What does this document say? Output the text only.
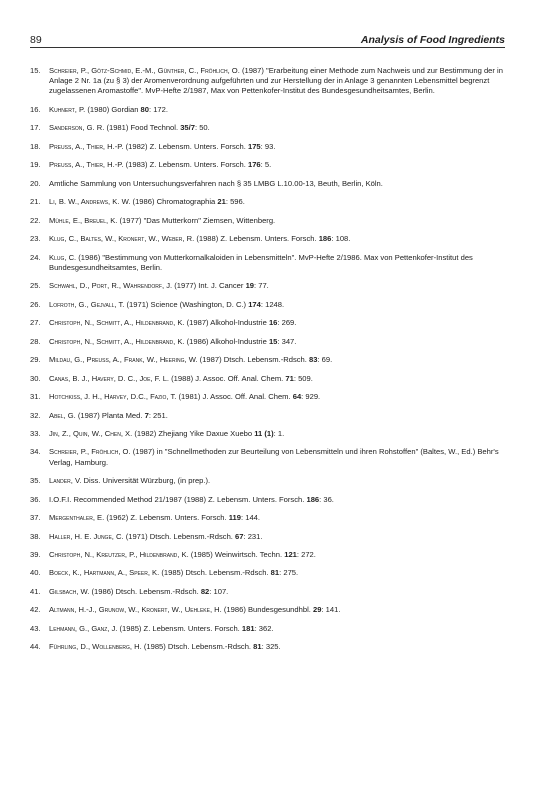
89	Analysis of Food Ingredients
15.	Schreier, P., Götz-Schmid, E.-M., Günther, C., Fröhlich, O. (1987) "Erarbeitung einer Methode zum Nachweis und zur Bestimmung der in Anlage 2 Nr. 1a (zu § 3) der Aromenverordnung aufgeführten und zur Herstellung der in Anlage 3 genannten Lebensmittel begrenzt zugelassenen Aromastoffe". MvP-Hefte 2/1987, Max von Pettenkofer-Institut des Bundesgesundheitsamtes, Berlin.
16.	Kuhnert, P. (1980) Gordian 80: 172.
17.	Sanderson, G. R. (1981) Food Technol. 35/7: 50.
18.	Preuss, A., Thier, H.-P. (1982) Z. Lebensm. Unters. Forsch. 175: 93.
19.	Preuss, A., Thier, H.-P. (1983) Z. Lebensm. Unters. Forsch. 176: 5.
20.	Amtliche Sammlung von Untersuchungsverfahren nach § 35 LMBG L.10.00-13, Beuth, Berlin, Köln.
21.	Li, B. W., Andrews, K. W. (1986) Chromatographia 21: 596.
22.	Mühle, E., Breuel, K. (1977) "Das Mutterkorn" Ziemsen, Wittenberg.
23.	Klug, C., Baltes, W., Kronert, W., Weber, R. (1988) Z. Lebensm. Unters. Forsch. 186: 108.
24.	Klug, C. (1986) "Bestimmung von Mutterkornalkaloiden in Lebensmitteln". MvP-Hefte 2/1986. Max von Pettenkofer-Institut des Bundesgesundheitsamtes, Berlin.
25.	Schwahl, D., Port, R., Wahrendorf, J. (1977) Int. J. Cancer 19: 77.
26.	Lofroth, G., Gejvall, T. (1971) Science (Washington, D. C.) 174: 1248.
27.	Christoph, N., Schmitt, A., Hildenbrand, K. (1987) Alkohol-Industrie 16: 269.
28.	Christoph, N., Schmitt, A., Hildenbrand, K. (1986) Alkohol-Industrie 15: 347.
29.	Mildau, G., Preuss, A., Frank, W., Heering, W. (1987) Dtsch. Lebensm.-Rdsch. 83: 69.
30.	Canas, B. J., Havery, D. C., Joe, F. L. (1988) J. Assoc. Off. Anal. Chem. 71: 509.
31.	Hotchkiss, J. H., Harvey, D.C., Fazio, T. (1981) J. Assoc. Off. Anal. Chem. 64: 929.
32.	Abel, G. (1987) Planta Med. 7: 251.
33.	Jin, Z., Quin, W., Chen, X. (1982) Zhejiang Yike Daxue Xuebo 11 (1): 1.
34.	Schreier, P., Fröhlich, O. (1987) in "Schnellmethoden zur Beurteilung von Lebensmitteln und ihren Rohstoffen" (Baltes, W., Ed.) Behr's Verlag, Hamburg.
35.	Lander, V. Diss. Universität Würzburg, (in prep.).
36.	I.O.F.I. Recommended Method 21/1987 (1988) Z. Lebensm. Unters. Forsch. 186: 36.
37.	Mergenthaler, E. (1962) Z. Lebensm. Unters. Forsch. 119: 144.
38.	Haller, H. E. Junge, C. (1971) Dtsch. Lebensm.-Rdsch. 67: 231.
39.	Christoph, N., Kreutzer, P., Hildenbrand, K. (1985) Weinwirtsch. Techn. 121: 272.
40.	Boeck, K., Hartmann, A., Speer, K. (1985) Dtsch. Lebensm.-Rdsch. 81: 275.
41.	Gilsbach, W. (1986) Dtsch. Lebensm.-Rdsch. 82: 107.
42.	Altmann, H.-J., Grunow, W., Kronert, W., Uehleke, H. (1986) Bundesgesundhbl. 29: 141.
43.	Lehmann, G., Ganz, J. (1985) Z. Lebensm. Unters. Forsch. 181: 362.
44.	Führling, D., Wollenberg, H. (1985) Dtsch. Lebensm.-Rdsch. 81: 325.
